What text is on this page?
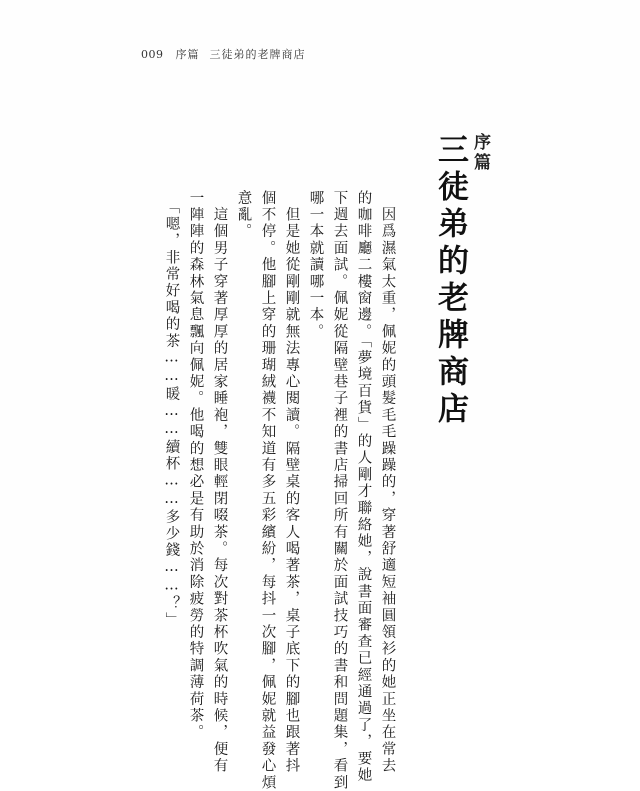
009 序篇 三徒弟的老牌商店
序篇
三徒弟的老牌商店
　因爲濕氣太重，佩妮的頭髮毛毛躁躁的，穿著舒適短袖圓領衫的她正坐在常去
的咖啡廳二樓窗邊。「夢境百貨」的人剛才聯絡她，說書面審查已經通過了，要她
下週去面試。佩妮從隔壁巷子裡的書店掃回所有關於面試技巧的書和問題集，看到
哪一本就讀哪一本。
　但是她從剛剛就無法專心閱讀。隔壁桌的客人喝著茶，桌子底下的腳也跟著抖
個不停。他腳上穿的珊瑚絨襪不知道有多五彩繽紛，每抖一次腳，佩妮就益發心煩
意亂。
　這個男子穿著厚厚的居家睡袍，雙眼輕閉啜茶。每次對茶杯吹氣的時候，便有
一陣陣的森林氣息飄向佩妮。他喝的想必是有助於消除疲勞的特調薄荷茶。
　「嗯，非常好喝的茶……暖……續杯……多少錢……？」
